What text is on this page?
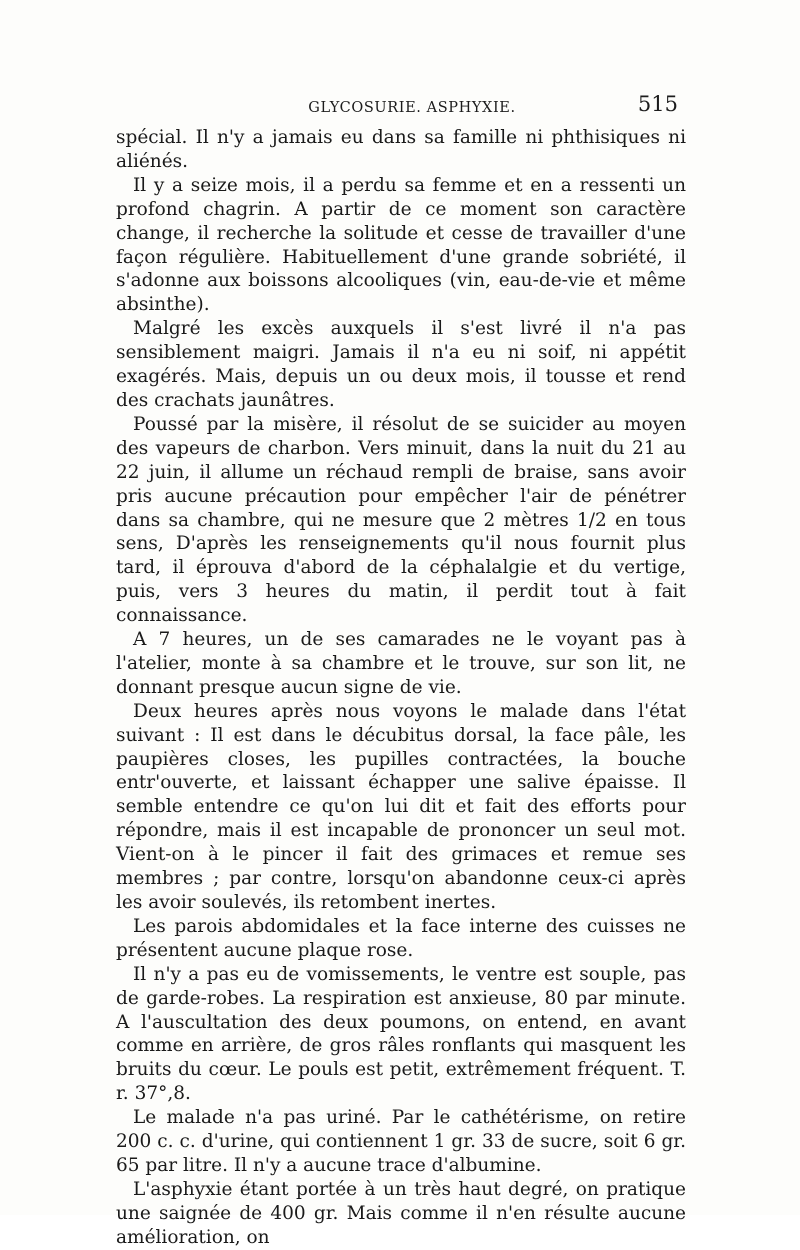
GLYCOSURIE. ASPHYXIE.	515

spécial. Il n'y a jamais eu dans sa famille ni phthisiques ni aliénés.

Il y a seize mois, il a perdu sa femme et en a ressenti un profond chagrin. A partir de ce moment son caractère change, il recherche la solitude et cesse de travailler d'une façon régulière. Habituellement d'une grande sobriété, il s'adonne aux boissons alcooliques (vin, eau-de-vie et même absinthe).

Malgré les excès auxquels il s'est livré il n'a pas sensiblement maigri. Jamais il n'a eu ni soif, ni appétit exagérés. Mais, depuis un ou deux mois, il tousse et rend des crachats jaunâtres.

Poussé par la misère, il résolut de se suicider au moyen des vapeurs de charbon. Vers minuit, dans la nuit du 21 au 22 juin, il allume un réchaud rempli de braise, sans avoir pris aucune précaution pour empêcher l'air de pénétrer dans sa chambre, qui ne mesure que 2 mètres 1/2 en tous sens, D'après les renseignements qu'il nous fournit plus tard, il éprouva d'abord de la céphalalgie et du vertige, puis, vers 3 heures du matin, il perdit tout à fait connaissance.

A 7 heures, un de ses camarades ne le voyant pas à l'atelier, monte à sa chambre et le trouve, sur son lit, ne donnant presque aucun signe de vie.

Deux heures après nous voyons le malade dans l'état suivant : Il est dans le décubitus dorsal, la face pâle, les paupières closes, les pupilles contractées, la bouche entr'ouverte, et laissant échapper une salive épaisse. Il semble entendre ce qu'on lui dit et fait des efforts pour répondre, mais il est incapable de prononcer un seul mot. Vient-on à le pincer il fait des grimaces et remue ses membres ; par contre, lorsqu'on abandonne ceux-ci après les avoir soulevés, ils retombent inertes.

Les parois abdomidales et la face interne des cuisses ne présentent aucune plaque rose.

Il n'y a pas eu de vomissements, le ventre est souple, pas de garde-robes. La respiration est anxieuse, 80 par minute. A l'auscultation des deux poumons, on entend, en avant comme en arrière, de gros râles ronflants qui masquent les bruits du cœur. Le pouls est petit, extrêmement fréquent. T. r. 37°,8.

Le malade n'a pas uriné. Par le cathétérisme, on retire 200 c. c. d'urine, qui contiennent 1 gr. 33 de sucre, soit 6 gr. 65 par litre. Il n'y a aucune trace d'albumine.

L'asphyxie étant portée à un très haut degré, on pratique une saignée de 400 gr. Mais comme il n'en résulte aucune amélioration, on
